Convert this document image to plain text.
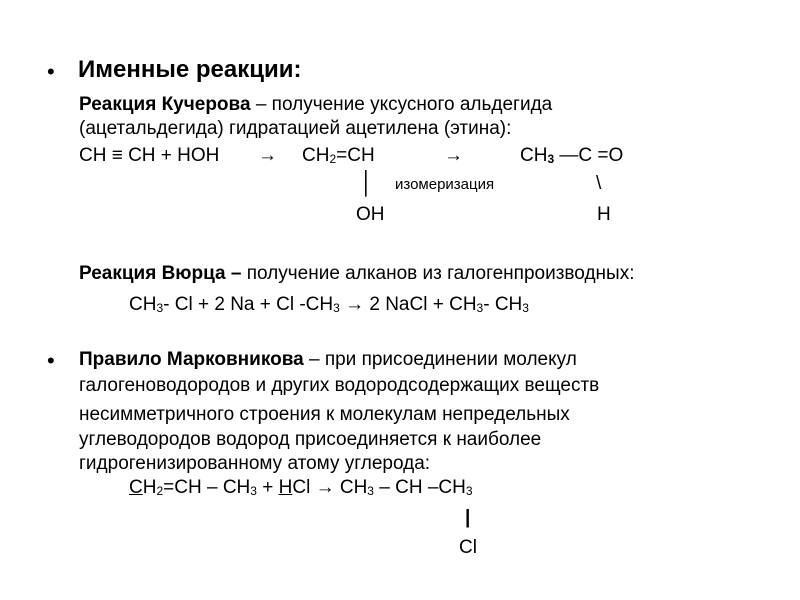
• Именные реакции:
Реакция Кучерова – получение уксусного альдегида
(ацетальдегида) гидратацией ацетилена (этина):
CH ≡ CH + HOH → $CH_2=CH$	→	$CH_3$ —C =O
│ изомеризация	\
OH	H
Реакция Вюрца – получение алканов из галогенпроизводных:
$CH_3-$ Cl + 2 Na + Cl $-CH_3 \to 2$ NaCl + $CH_3-$ $CH_3$
• Правило Марковникова – при присоединении молекул
галогеноводородов и других водородсодержащих веществ
несимметричного строения к молекулам непредельных
углеводородов водород присоединяется к наиболее
гидрогенизированному атому углерода:
$CH_2=CH - CH_3$ + HCl → $CH_3$ – CH $-CH_3$
|
Cl
